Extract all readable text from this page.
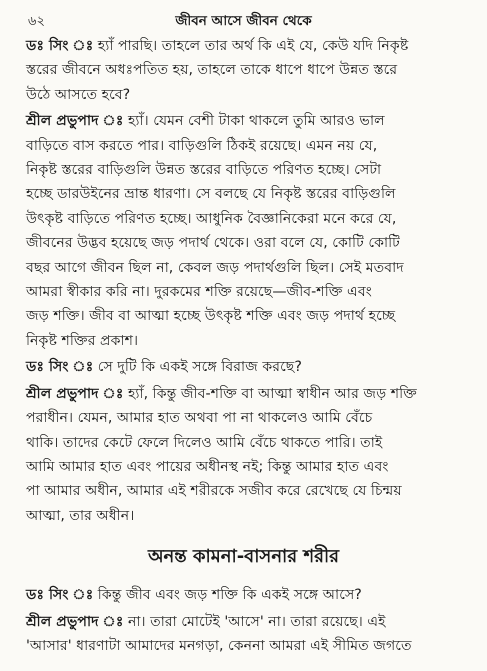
৬২	জীবন আসে জীবন থেকে
ডঃ সিং ঃ হ্যাঁ পারছি। তাহলে তার অর্থ কি এই যে, কেউ যদি নিকৃষ্ট
স্তরের জীবনে অধঃপতিত হয়, তাহলে তাকে ধাপে ধাপে উন্নত স্তরে
উঠে আসতে হবে?
শ্রীল প্রভুপাদ ঃ হ্যাঁ। যেমন বেশী টাকা থাকলে তুমি আরও ভাল
বাড়িতে বাস করতে পার। বাড়িগুলি ঠিকই রয়েছে। এমন নয় যে,
নিকৃষ্ট স্তরের বাড়িগুলি উন্নত স্তরের বাড়িতে পরিণত হচ্ছে। সেটা
হচ্ছে ডারউইনের ভ্রান্ত ধারণা। সে বলছে যে নিকৃষ্ট স্তরের বাড়িগুলি
উৎকৃষ্ট বাড়িতে পরিণত হচ্ছে। আধুনিক বৈজ্ঞানিকেরা মনে করে যে,
জীবনের উদ্ভব হয়েছে জড় পদার্থ থেকে। ওরা বলে যে, কোটি কোটি
বছর আগে জীবন ছিল না, কেবল জড় পদার্থগুলি ছিল। সেই মতবাদ
আমরা স্বীকার করি না। দুরকমের শক্তি রয়েছে—জীব-শক্তি এবং
জড় শক্তি। জীব বা আত্মা হচ্ছে উৎকৃষ্ট শক্তি এবং জড় পদার্থ হচ্ছে
নিকৃষ্ট শক্তির প্রকাশ।
ডঃ সিং ঃ সে দুটি কি একই সঙ্গে বিরাজ করছে?
শ্রীল প্রভুপাদ ঃ হ্যাঁ, কিন্তু জীব-শক্তি বা আত্মা স্বাধীন আর জড় শক্তি
পরাধীন। যেমন, আমার হাত অথবা পা না থাকলেও আমি বেঁচে
থাকি। তাদের কেটে ফেলে দিলেও আমি বেঁচে থাকতে পারি। তাই
আমি আমার হাত এবং পায়ের অধীনস্থ নই; কিন্তু আমার হাত এবং
পা আমার অধীন, আমার এই শরীরকে সজীব করে রেখেছে যে চিন্ময়
আত্মা, তার অধীন।
অনন্ত কামনা-বাসনার শরীর
ডঃ সিং ঃ কিন্তু জীব এবং জড় শক্তি কি একই সঙ্গে আসে?
শ্রীল প্রভুপাদ ঃ না। তারা মোটেই 'আসে' না। তারা রয়েছে। এই
'আসার' ধারণাটা আমাদের মনগড়া, কেননা আমরা এই সীমিত জগতে
